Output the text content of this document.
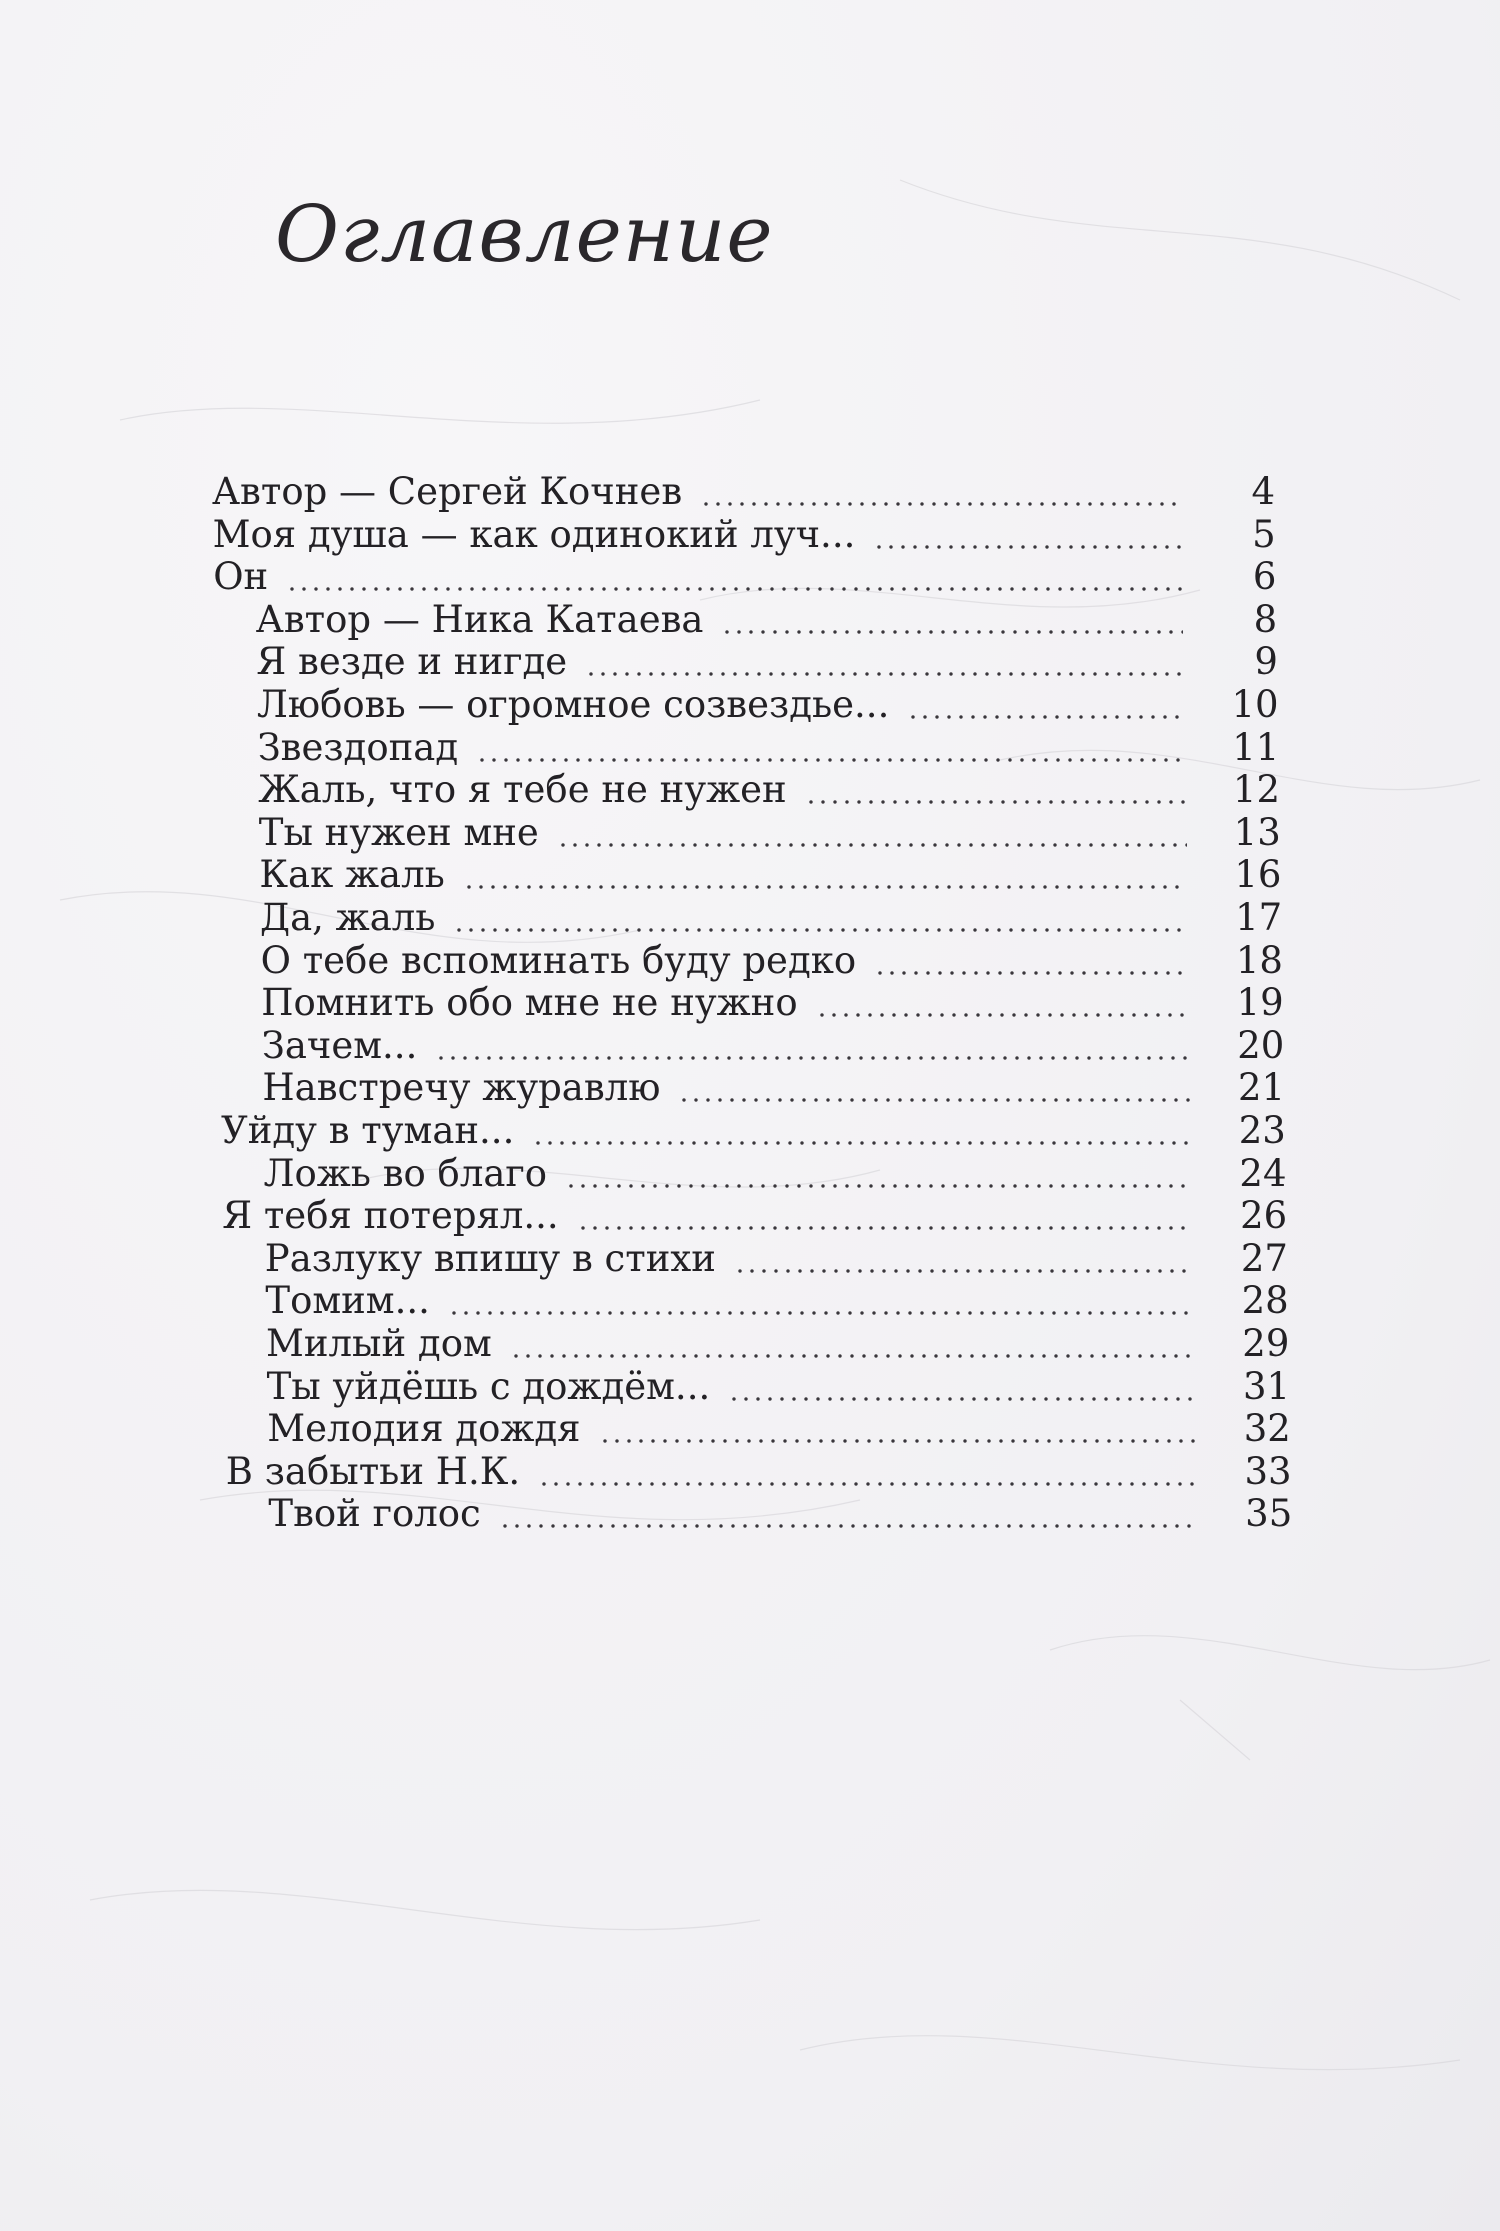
Оглавление
Автор — Сергей Кочнев	4
Моя душа — как одинокий луч...	5
Он	6
Автор — Ника Катаева	8
Я везде и нигде	9
Любовь — огромное созвездье...	10
Звездопад	11
Жаль, что я тебе не нужен	12
Ты нужен мне	13
Как жаль	16
Да, жаль	17
О тебе вспоминать буду редко	18
Помнить обо мне не нужно	19
Зачем...	20
Навстречу журавлю	21
Уйду в туман...	23
Ложь во благо	24
Я тебя потерял...	26
Разлуку впишу в стихи	27
Томим...	28
Милый дом	29
Ты уйдёшь с дождём...	31
Мелодия дождя	32
В забытьи Н.К.	33
Твой голос	35
